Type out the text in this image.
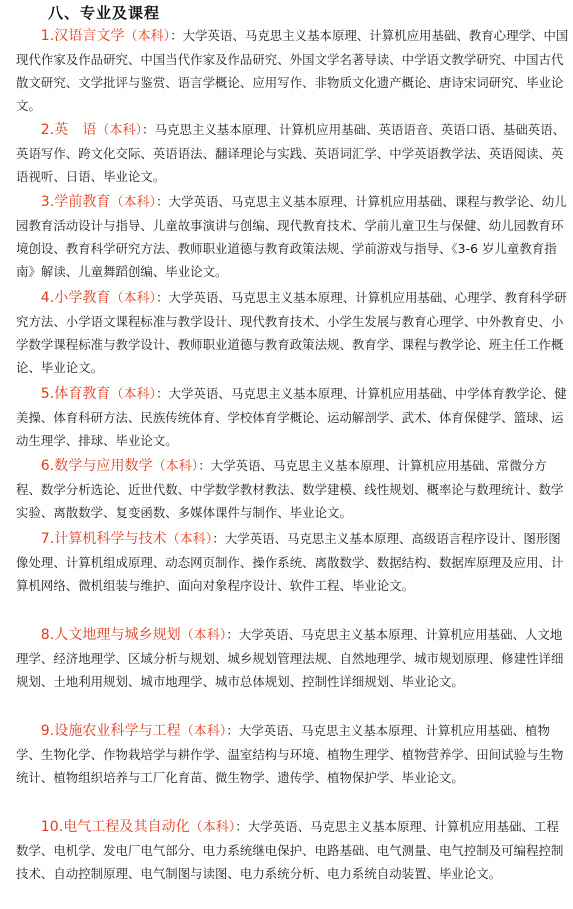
八、专业及课程
1.汉语言文学（本科）：大学英语、马克思主义基本原理、计算机应用基础、教育心理学、中国现代作家及作品研究、中国当代作家及作品研究、外国文学名著导读、中学语文教学研究、中国古代散文研究、文学批评与鉴赏、语言学概论、应用写作、非物质文化遗产概论、唐诗宋词研究、毕业论文。
2.英　语（本科）：马克思主义基本原理、计算机应用基础、英语语音、英语口语、基础英语、英语写作、跨文化交际、英语语法、翻译理论与实践、英语词汇学、中学英语教学法、英语阅读、英语视听、日语、毕业论文。
3.学前教育（本科）：大学英语、马克思主义基本原理、计算机应用基础、课程与教学论、幼儿园教育活动设计与指导、儿童故事演讲与创编、现代教育技术、学前儿童卫生与保健、幼儿园教育环境创设、教育科学研究方法、教师职业道德与教育政策法规、学前游戏与指导、《3-6 岁儿童教育指南》解读、儿童舞蹈创编、毕业论文。
4.小学教育（本科）：大学英语、马克思主义基本原理、计算机应用基础、心理学、教育科学研究方法、小学语文课程标准与教学设计、现代教育技术、小学生发展与教育心理学、中外教育史、小学数学课程标准与教学设计、教师职业道德与教育政策法规、教育学、课程与教学论、班主任工作概论、毕业论文。
5.体育教育（本科）：大学英语、马克思主义基本原理、计算机应用基础、中学体育教学论、健美操、体育科研方法、民族传统体育、学校体育学概论、运动解剖学、武术、体育保健学、篮球、运动生理学、排球、毕业论文。
6.数学与应用数学（本科）：大学英语、马克思主义基本原理、计算机应用基础、常微分方程、数学分析选论、近世代数、中学数学教材教法、数学建模、线性规划、概率论与数理统计、数学实验、离散数学、复变函数、多媒体课件与制作、毕业论文。
7.计算机科学与技术（本科）：大学英语、马克思主义基本原理、高级语言程序设计、图形图像处理、计算机组成原理、动态网页制作、操作系统、离散数学、数据结构、数据库原理及应用、计算机网络、微机组装与维护、面向对象程序设计、软件工程、毕业论文。
8.人文地理与城乡规划（本科）：大学英语、马克思主义基本原理、计算机应用基础、人文地理学、经济地理学、区域分析与规划、城乡规划管理法规、自然地理学、城市规划原理、修建性详细规划、土地利用规划、城市地理学、城市总体规划、控制性详细规划、毕业论文。
9.设施农业科学与工程（本科）：大学英语、马克思主义基本原理、计算机应用基础、植物学、生物化学、作物栽培学与耕作学、温室结构与环境、植物生理学、植物营养学、田间试验与生物统计、植物组织培养与工厂化育苗、微生物学、遗传学、植物保护学、毕业论文。
10.电气工程及其自动化（本科）：大学英语、马克思主义基本原理、计算机应用基础、工程数学、电机学、发电厂电气部分、电力系统继电保护、电路基础、电气测量、电气控制及可编程控制技术、自动控制原理、电气制图与读图、电力系统分析、电力系统自动装置、毕业论文。
